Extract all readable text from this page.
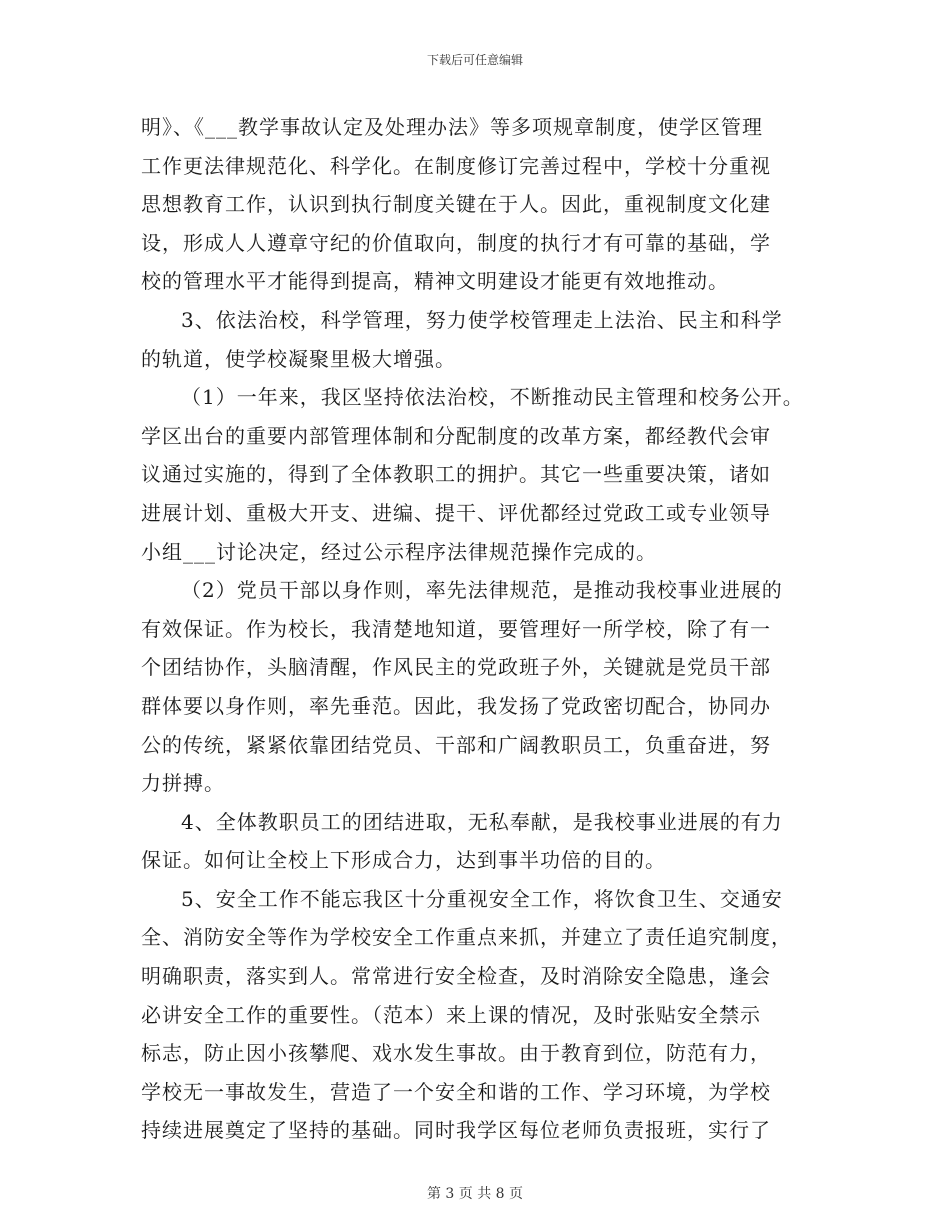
下载后可任意编辑
明》、《___教学事故认定及处理办法》等多项规章制度，使学区管理
工作更法律规范化、科学化。在制度修订完善过程中，学校十分重视
思想教育工作，认识到执行制度关键在于人。因此，重视制度文化建
设，形成人人遵章守纪的价值取向，制度的执行才有可靠的基础，学
校的管理水平才能得到提高，精神文明建设才能更有效地推动。
3、依法治校，科学管理，努力使学校管理走上法治、民主和科学
的轨道，使学校凝聚里极大增强。
（1）一年来，我区坚持依法治校，不断推动民主管理和校务公开。
学区出台的重要内部管理体制和分配制度的改革方案，都经教代会审
议通过实施的，得到了全体教职工的拥护。其它一些重要决策，诸如
进展计划、重极大开支、进编、提干、评优都经过党政工或专业领导
小组___讨论决定，经过公示程序法律规范操作完成的。
（2）党员干部以身作则，率先法律规范，是推动我校事业进展的
有效保证。作为校长，我清楚地知道，要管理好一所学校，除了有一
个团结协作，头脑清醒，作风民主的党政班子外，关键就是党员干部
群体要以身作则，率先垂范。因此，我发扬了党政密切配合，协同办
公的传统，紧紧依靠团结党员、干部和广阔教职员工，负重奋进，努
力拼搏。
4、全体教职员工的团结进取，无私奉献，是我校事业进展的有力
保证。如何让全校上下形成合力，达到事半功倍的目的。
5、安全工作不能忘我区十分重视安全工作，将饮食卫生、交通安
全、消防安全等作为学校安全工作重点来抓，并建立了责任追究制度，
明确职责，落实到人。常常进行安全检查，及时消除安全隐患，逢会
必讲安全工作的重要性。（范本）来上课的情况，及时张贴安全禁示
标志，防止因小孩攀爬、戏水发生事故。由于教育到位，防范有力，
学校无一事故发生，营造了一个安全和谐的工作、学习环境，为学校
持续进展奠定了坚持的基础。同时我学区每位老师负责报班，实行了
第 3 页 共 8 页
